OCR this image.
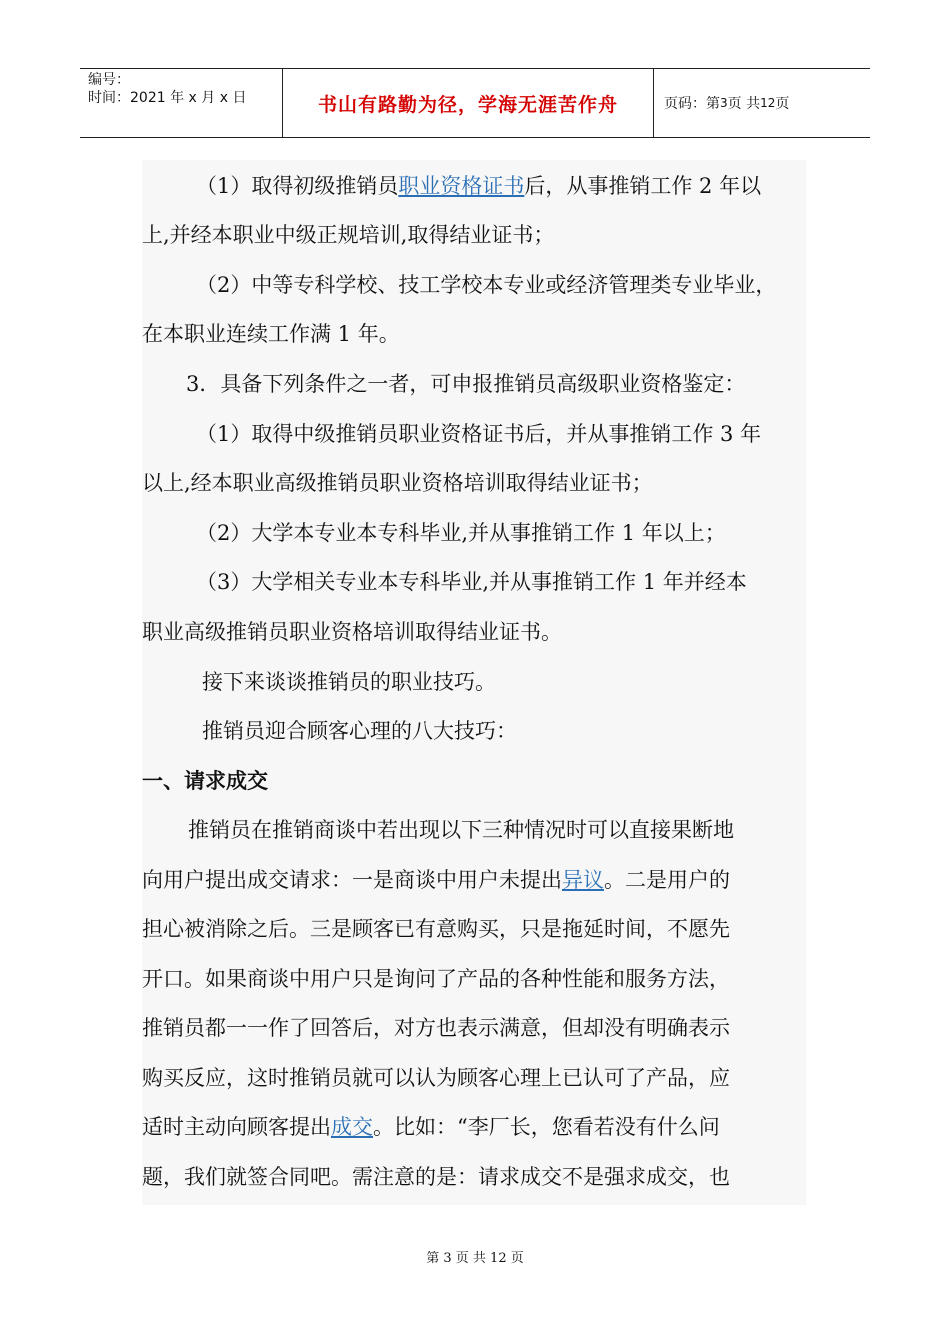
编号：
时间：2021 年 x 月 x 日	书山有路勤为径，学海无涯苦作舟	页码：第 3 页 共 12 页
（1）取得初级推销员职业资格证书后，从事推销工作 2 年以
上,并经本职业中级正规培训,取得结业证书；
（2）中等专科学校、技工学校本专业或经济管理类专业毕业，
在本职业连续工作满 1 年。
3．具备下列条件之一者，可申报推销员高级职业资格鉴定：
（1）取得中级推销员职业资格证书后，并从事推销工作 3 年
以上,经本职业高级推销员职业资格培训取得结业证书；
（2）大学本专业本专科毕业,并从事推销工作 1 年以上；
（3）大学相关专业本专科毕业,并从事推销工作 1 年并经本
职业高级推销员职业资格培训取得结业证书。
接下来谈谈推销员的职业技巧。
推销员迎合顾客心理的八大技巧：
一、请求成交
推销员在推销商谈中若出现以下三种情况时可以直接果断地
向用户提出成交请求：一是商谈中用户未提出异议。二是用户的
担心被消除之后。三是顾客已有意购买，只是拖延时间，不愿先
开口。如果商谈中用户只是询问了产品的各种性能和服务方法，
推销员都一一作了回答后，对方也表示满意，但却没有明确表示
购买反应，这时推销员就可以认为顾客心理上已认可了产品，应
适时主动向顾客提出成交。比如：“李厂长，您看若没有什么问
题，我们就签合同吧。需注意的是：请求成交不是强求成交，也
第 3 页 共 12 页
